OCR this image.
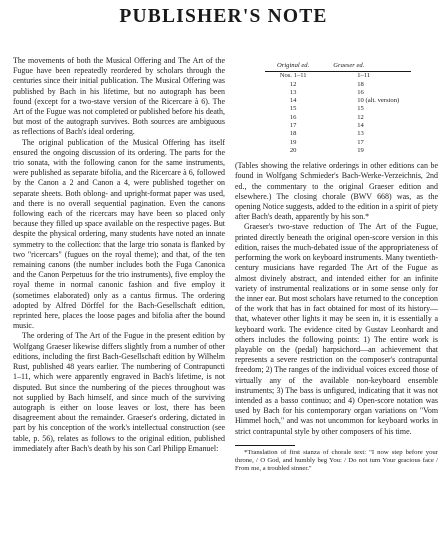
PUBLISHER'S NOTE

The movements of both the Musical Offering and The Art of the Fugue have been repeatedly reordered by scholars through the centuries since their initial publication. The Musical Offering was published by Bach in his lifetime, but no autograph has been found (except for a two-stave version of the Ricercare à 6). The Art of the Fugue was not completed or published before his death, but most of the autograph survives. Both sources are ambiguous as reflections of Bach's ideal ordering.

The original publication of the Musical Offering has itself ensured the ongoing discussion of its ordering. The parts for the trio sonata, with the following canon for the same instruments, were published as separate bifolia, and the Ricercare à 6, followed by the Canon a 2 and Canon a 4, were published together on separate sheets. Both oblong- and upright-format paper was used, and there is no overall sequential pagination. Even the canons following each of the ricercars may have been so placed only because they filled up space available on the respective pages. But despite the physical ordering, many students have noted an innate symmetry to the collection: that the large trio sonata is flanked by two "ricercars" (fugues on the royal theme); and that, of the ten remaining canons (the number includes both the Fuga Canonica and the Canon Perpetuus for the trio instruments), five employ the royal theme in normal canonic fashion and five employ it (sometimes elaborated) only as a cantus firmus. The ordering adopted by Alfred Dörffel for the Bach-Gesellschaft edition, reprinted here, places the loose pages and bifolia after the bound music.

The ordering of The Art of the Fugue in the present edition by Wolfgang Graeser likewise differs slightly from a number of other editions, including the first Bach-Gesellschaft edition by Wilhelm Rust, published 48 years earlier. The numbering of Contrapuncti 1–11, which were apparently engraved in Bach's lifetime, is not disputed. But since the numbering of the pieces throughout was not supplied by Bach himself, and since much of the surviving autograph is either on loose leaves or lost, there has been disagreement about the remainder. Graeser's ordering, dictated in part by his conception of the work's intellectual construction (see table, p. 56), relates as follows to the original edition, published immediately after Bach's death by his son Carl Philipp Emanuel:

Original ed.	Graeser ed.
Nos. 1–11	1–11
12	18
13	16
14	10 (alt. version)
15	15
16	12
17	14
18	13
19	17
20	19

(Tables showing the relative orderings in other editions can be found in Wolfgang Schmieder's Bach-Werke-Verzeichnis, 2nd ed., the commentary to the original Graeser edition and elsewhere.) The closing chorale (BWV 668) was, as the opening Notice suggests, added to the edition in a spirit of piety after Bach's death, apparently by his son.*

Graeser's two-stave reduction of The Art of the Fugue, printed directly beneath the original open-score version in this edition, raises the much-debated issue of the appropriateness of performing the work on keyboard instruments. Many twentieth-century musicians have regarded The Art of the Fugue as almost divinely abstract, and intended either for an infinite variety of instrumental realizations or in some sense only for the inner ear. But most scholars have returned to the conception of the work that has in fact obtained for most of its history—that, whatever other lights it may be seen in, it is essentially a keyboard work. The evidence cited by Gustav Leonhardt and others includes the following points: 1) The entire work is playable on the (pedal) harpsichord—an achievement that represents a severe restriction on the composer's contrapuntal freedom; 2) The ranges of the individual voices exceed those of virtually any of the available non-keyboard ensemble instruments; 3) The bass is unfigured, indicating that it was not intended as a basso continuo; and 4) Open-score notation was used by Bach for his contemporary organ variations on "Vom Himmel hoch," and was not uncommon for keyboard works in strict contrapuntal style by other composers of his time.

*Translation of first stanza of chorale text: "I now step before your throne, / O God, and humbly beg You: / Do not turn Your gracious face / From me, a troubled sinner."
